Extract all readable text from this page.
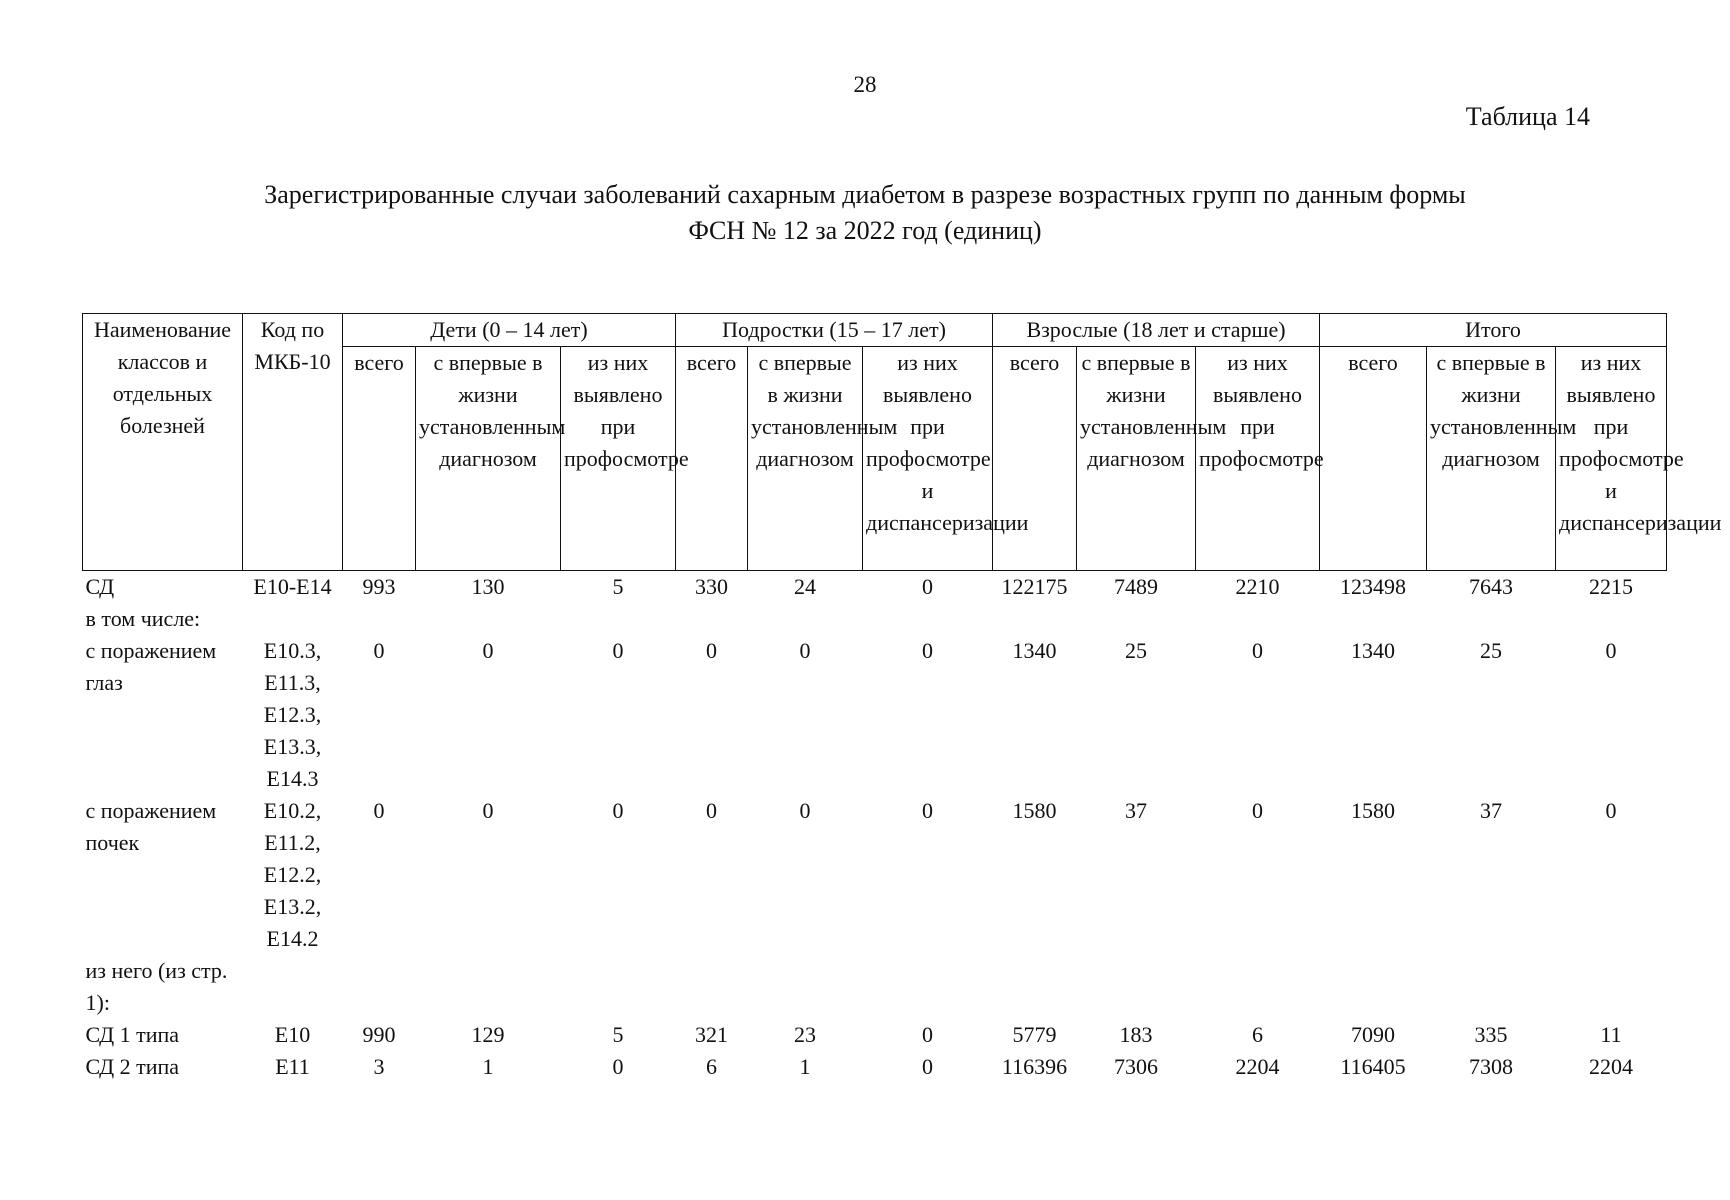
28
Таблица 14
Зарегистрированные случаи заболеваний сахарным диабетом в разрезе возрастных групп по данным формы
ФСН № 12 за 2022 год (единиц)
Наименование классов и отдельных болезней	Код по МКБ-10	Дети (0 – 14 лет)			Подростки (15 – 17 лет)			Взрослые (18 лет и старше)			Итого		
		всего	с впервые в жизни установленным диагнозом	из них выявлено при профосмотре	всего	с впервые в жизни установленным диагнозом	из них выявлено при профосмотре и диспансеризации	всего	с впервые в жизни установленным диагнозом	из них выявлено при профосмотре	всего	с впервые в жизни установленным диагнозом	из них выявлено при профосмотре и диспансеризации
СД	E10-E14	993	130	5	330	24	0	122175	7489	2210	123498	7643	2215
в том числе:													
с поражением глаз	E10.3, E11.3, E12.3, E13.3, E14.3	0	0	0	0	0	0	1340	25	0	1340	25	0
с поражением почек	E10.2, E11.2, E12.2, E13.2, E14.2	0	0	0	0	0	0	1580	37	0	1580	37	0
из него (из стр. 1):													
СД 1 типа	E10	990	129	5	321	23	0	5779	183	6	7090	335	11
СД 2 типа	E11	3	1	0	6	1	0	116396	7306	2204	116405	7308	2204
